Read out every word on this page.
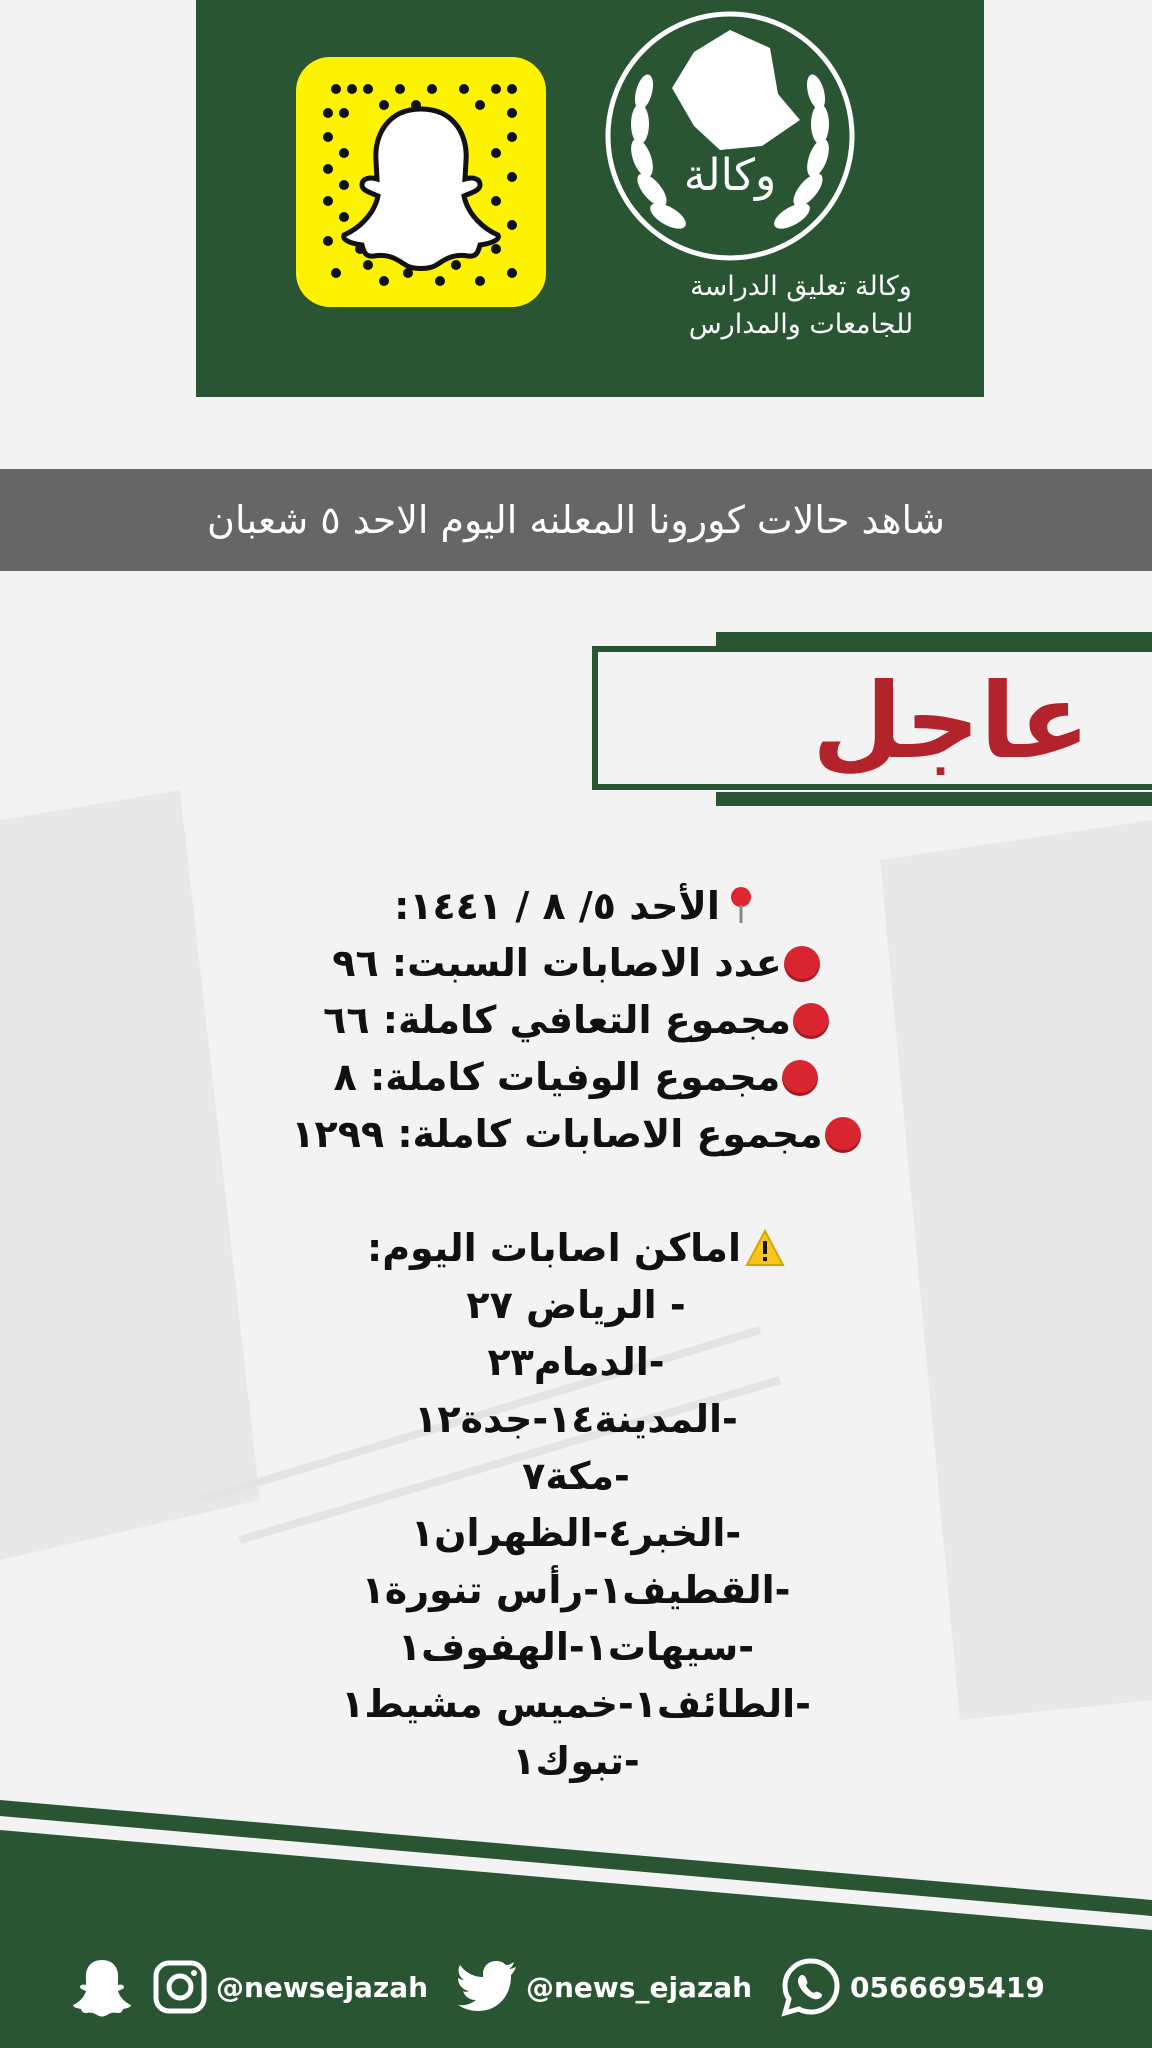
وكالة
وكالة تعليق الدراسة
للجامعات والمدارس
شاهد حالات كورونا المعلنه اليوم الاحد ٥ شعبان
عاجل
الأحد ٥/ ٨ / ١٤٤١:
عدد الاصابات السبت: ٩٦
مجموع التعافي كاملة: ٦٦
مجموع الوفيات كاملة: ٨
مجموع الاصابات كاملة: ١٢٩٩
اماكن اصابات اليوم:
- الرياض ٢٧
-الدمام٢٣
-المدينة١٤-جدة١٢
-مكة٧
-الخبر٤-الظهران١
-القطيف١-رأس تنورة١
-سيهات١-الهفوف١
-الطائف١-خميس مشيط١
-تبوك١
@newsejazah	@news_ejazah	0566695419
